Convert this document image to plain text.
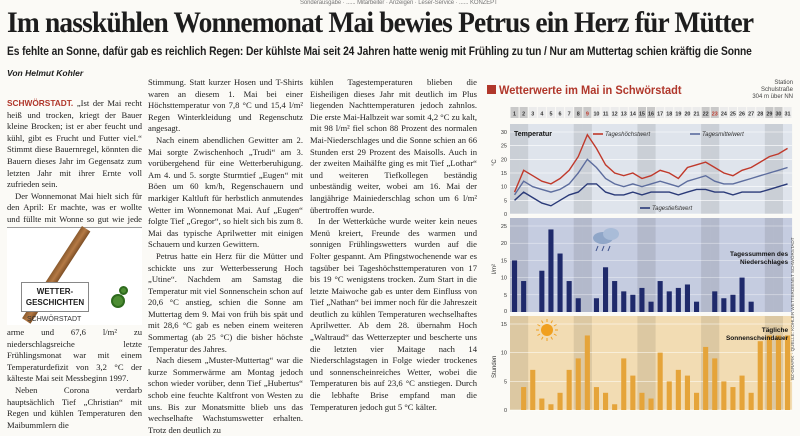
Sonderausgabe · ...... Mitarbeiter · Anzeigen · Leser-Service · ...... KONZEPT
Im nasskühlen Wonnemonat Mai bewies Petrus ein Herz für Mütter
Es fehlte an Sonne, dafür gab es reichlich Regen: Der kühlste Mai seit 24 Jahren hatte wenig mit Frühling zu tun / Nur am Muttertag schien kräftig die Sonne
Von Helmut Kohler

SCHWÖRSTADT. „Ist der Mai recht heiß und trocken, kriegt der Bauer kleine Brocken; ist er aber feucht und kühl, gibt es Frucht und Futter viel.“ Stimmt diese Bauernregel, könnten die Bauern dieses Jahr im Gegensatz zum letzten Jahr mit ihrer Ernte voll zufrieden sein.

Der Wonnemonat Mai hielt sich für den April: Er machte, was er wollte und füllte mit Wonne so gut wie jede

WETTER-
GESCHICHTEN
SCHWÖRSTADT

arme und 67,6 l/m² zu niederschlagsreiche letzte Frühlingsmonat war mit einem Temperaturdefizit von 3,2 °C der kälteste Mai seit Messbeginn 1997.

Neben Corona verdarb hauptsächlich Tief „Christian“ mit Regen und kühlen Temperaturen den Maibummlern die

Stimmung. Statt kurzer Hosen und T-Shirts waren an diesem 1. Mai bei einer Höchsttemperatur von 7,8 °C und 15,4 l/m² Regen Winterkleidung und Regenschutz angesagt.

Nach einem abendlichen Gewitter am 2. Mai sorgte Zwischenhoch „Trudi“ am 3. vorübergehend für eine Wetterberuhigung. Am 4. und 5. sorgte Sturmtief „Eugen“ mit Böen um 60 km/h, Regenschauern und markiger Kaltluft für herbstlich anmutendes Wetter im Wonnemonat Mai. Auf „Eugen“ folgte Tief „Gregor“, so hielt sich bis zum 8. Mai das typische Aprilwetter mit einigen Schauern und kurzen Gewittern.

Petrus hatte ein Herz für die Mütter und schickte uns zur Wetterbesserung Hoch „Utine“. Nachdem am Samstag die Temperatur mit viel Sonnenschein schon auf 20,6 °C anstieg, schien die Sonne am Muttertag dem 9. Mai von früh bis spät und mit 28,6 °C gab es neben einem weiteren Sommertag (ab 25 °C) die bisher höchste Temperatur des Jahres.

Nach diesem „Muster-Muttertag“ war die kurze Sommerwärme am Montag jedoch schon wieder vorüber, denn Tief „Hubertus“ schob eine feuchte Kaltfront von Westen zu uns. Bis zur Monatsmitte blieb uns das wechselhafte Wachstumswetter erhalten. Trotz den deutlich zu

kühlen Tagestemperaturen blieben die Eisheiligen dieses Jahr mit deutlich im Plus liegenden Nachttemperaturen jedoch zahnlos. Die erste Mai-Halbzeit war somit 4,2 °C zu kalt, mit 98 l/m² fiel schon 88 Prozent des normalen Mai-Niederschlages und die Sonne schien an 66 Stunden erst 29 Prozent des Maisolls. Auch in der zweiten Maihälfte ging es mit Tief „Lothar“ und weiteren Tiefkollegen beständig unbeständig weiter, wobei am 16. Mai der langjährige Mainiederschlag schon um 6 l/m² übertroffen wurde.

In der Wetterküche wurde weiter kein neues Menü kreiert, Freunde des warmen und sonnigen Frühlingswetters wurden auf die Folter gespannt. Am Pfingstwochenende war es tagsüber bei Tageshöchsttemperaturen von 17 bis 19 °C wenigstens trocken. Zum Start in die letzte Maiwoche gab es unter dem Einfluss von Tief „Nathan“ bei immer noch für die Jahreszeit deutlich zu kühlen Temperaturen wechselhaftes Aprilwetter. Ab dem 28. übernahm Hoch „Waltraud“ das Wetterzepter und bescherte uns die letzten vier Maitage nach 14 Niederschlagstagen in Folge wieder trockenes und sonnenscheinreiches Wetter, wobei die Temperaturen bis auf 23,6 °C anstiegen. Durch die lebhafte Brise empfand man die Temperaturen jedoch gut 5 °C kälter.

Wetterwerte im Mai in Schwörstadt	Station
Schulstraße
304 m über NN
1 2 3 4 5 6 7 8 9 10 11 12 13 14 15 16 17 18 19 20 21 22 23 24 25 26 27 28 29 30 31
0
5
10
15
20
25
30
°C
Temperatur	Tageshöchstwert	Tagesmittelwert
Tagestiefstwert
5
10
15
20
25
0
l/m²
Tagessummen des Niederschlages
0
5
10
15
Stunden
Tägliche Sonnenscheindauer BZ-GRAFIK · QUELLE: KOHLER WETTERDIENST SCHWÖRSTADT
